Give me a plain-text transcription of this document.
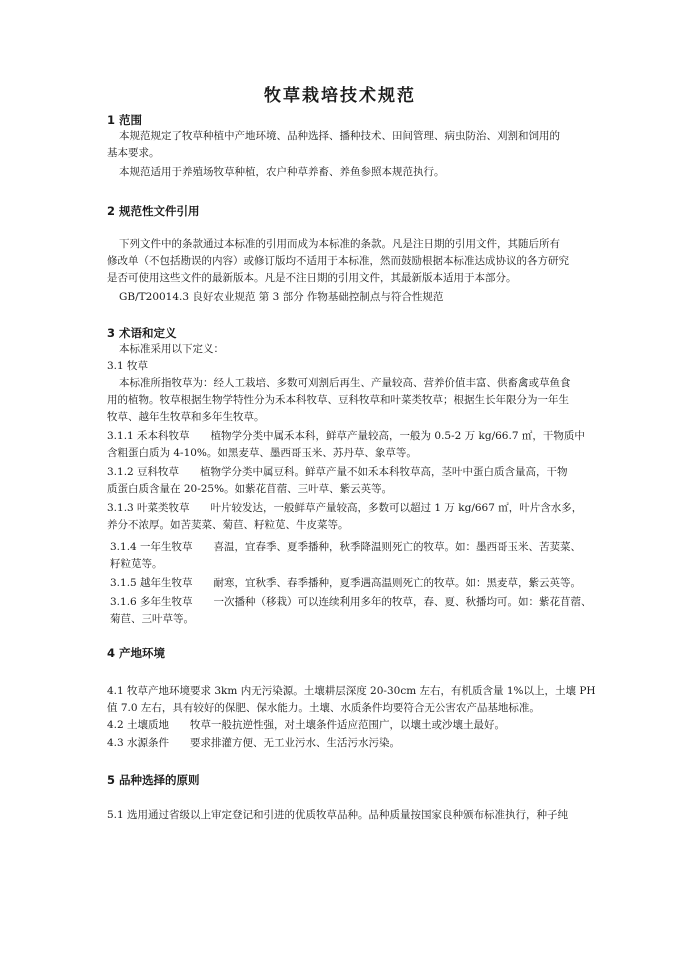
牧草栽培技术规范
1 范围
本规范规定了牧草种植中产地环境、品种选择、播种技术、田间管理、病虫防治、刈割和饲用的
基本要求。
本规范适用于养殖场牧草种植，农户种草养畜、养鱼参照本规范执行。
2 规范性文件引用
下列文件中的条款通过本标准的引用而成为本标准的条款。凡是注日期的引用文件，其随后所有
修改单（不包括勘误的内容）或修订版均不适用于本标准，然而鼓励根据本标准达成协议的各方研究
是否可使用这些文件的最新版本。凡是不注日期的引用文件，其最新版本适用于本部分。
GB/T20014.3 良好农业规范 第 3 部分 作物基础控制点与符合性规范
3 术语和定义
本标准采用以下定义：
3.1 牧草
本标准所指牧草为：经人工栽培、多数可刈割后再生、产量较高、营养价值丰富、供畜禽或草鱼食
用的植物。牧草根据生物学特性分为禾本科牧草、豆科牧草和叶菜类牧草；根据生长年限分为一年生
牧草、越年生牧草和多年生牧草。
3.1.1 禾本科牧草　　植物学分类中属禾本科，鲜草产量较高，一般为 0.5-2 万 kg/66.7 ㎡，干物质中
含粗蛋白质为 4-10%。如黑麦草、墨西哥玉米、苏丹草、象草等。
3.1.2 豆科牧草　　植物学分类中属豆科。鲜草产量不如禾本科牧草高，茎叶中蛋白质含量高，干物
质蛋白质含量在 20-25%。如紫花苜蓿、三叶草、紫云英等。
3.1.3 叶菜类牧草　　叶片较发达，一般鲜草产量较高，多数可以超过 1 万 kg/667 ㎡，叶片含水多，
养分不浓厚。如苦荬菜、菊苣、籽粒苋、牛皮菜等。
3.1.4 一年生牧草　　喜温，宜春季、夏季播种，秋季降温则死亡的牧草。如：墨西哥玉米、苦荬菜、
籽粒苋等。
3.1.5 越年生牧草　　耐寒，宜秋季、春季播种，夏季遇高温则死亡的牧草。如：黑麦草，紫云英等。
3.1.6 多年生牧草　　一次播种（移栽）可以连续利用多年的牧草，春、夏、秋播均可。如：紫花苜蓿、
菊苣、三叶草等。
4 产地环境
4.1 牧草产地环境要求 3km 内无污染源。土壤耕层深度 20-30cm 左右，有机质含量 1%以上，土壤 PH
值 7.0 左右，具有较好的保肥、保水能力。土壤、水质条件均要符合无公害农产品基地标准。
4.2 土壤质地　　牧草一般抗逆性强，对土壤条件适应范围广，以壤土或沙壤土最好。
4.3 水源条件　　要求排灌方便、无工业污水、生活污水污染。
5 品种选择的原则
5.1 选用通过省级以上审定登记和引进的优质牧草品种。品种质量按国家良种颁布标准执行，种子纯
